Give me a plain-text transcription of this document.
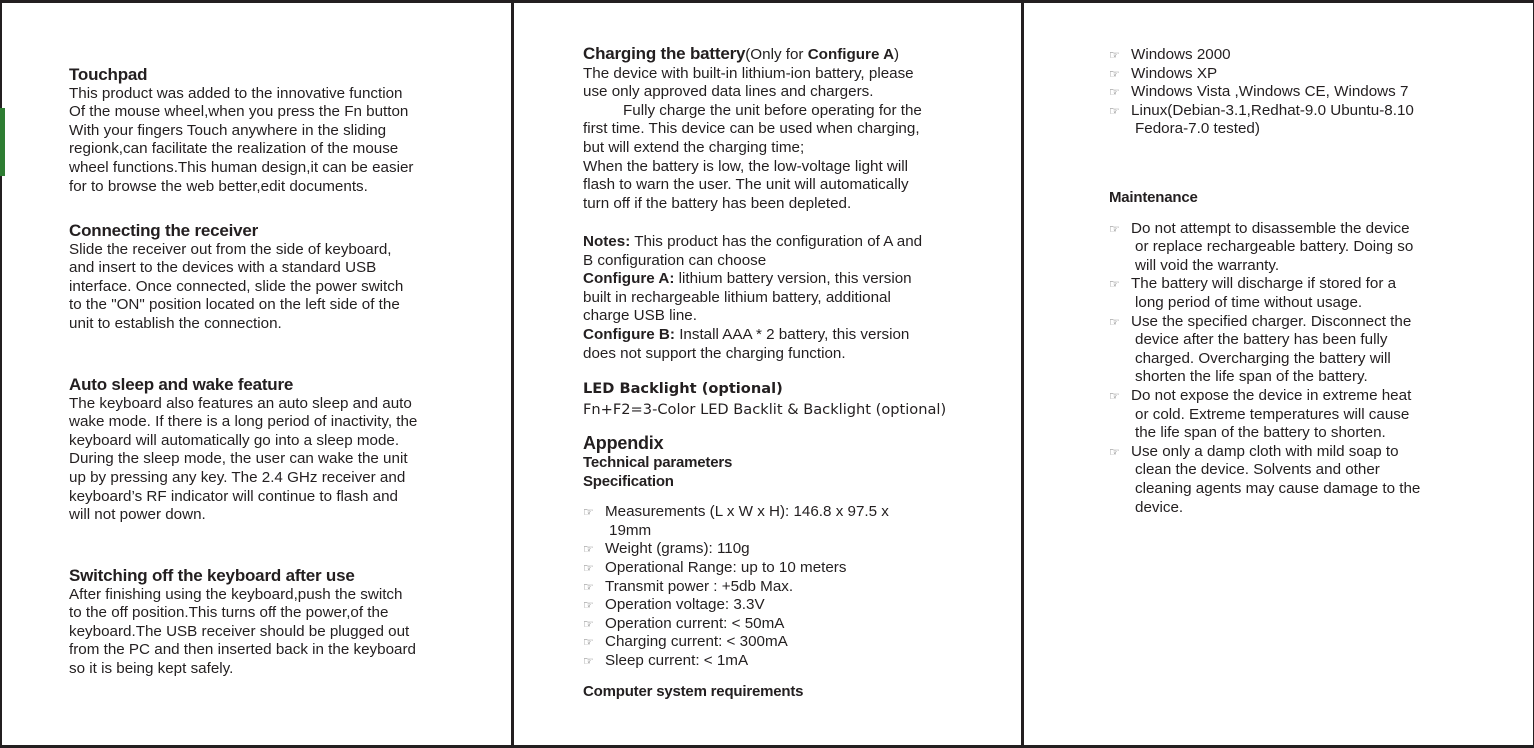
Touchpad
This product was added to the innovative function
Of the mouse wheel,when you press the Fn button
With your fingers Touch anywhere in the sliding
regionk,can facilitate the realization of the mouse
wheel functions.This human design,it can be easier
for to browse the web better,edit documents.
Connecting the receiver
Slide the receiver out from the side of keyboard,
and insert to the devices with a standard USB
interface. Once connected, slide the power switch
to the "ON" position located on the left side of the
unit to establish the connection.
Auto sleep and wake feature
The keyboard also features an auto sleep and auto
wake mode. If there is a long period of inactivity, the
keyboard will automatically go into a sleep mode.
During the sleep mode, the user can wake the unit
up by pressing any key. The 2.4 GHz receiver and
keyboard’s RF indicator will continue to flash and
will not power down.
Switching off the keyboard after use
After finishing using the keyboard,push the switch
to the off position.This turns off the power,of the
keyboard.The USB receiver should be plugged out
from the PC and then inserted back in the keyboard
so it is being kept safely.
Charging the battery(Only for Configure A)
The device with built-in lithium-ion battery, please
use only approved data lines and chargers.
Fully charge the unit before operating for the
first time. This device can be used when charging,
but will extend the charging time;
When the battery is low, the low-voltage light will
flash to warn the user. The unit will automatically
turn off if the battery has been depleted.
Notes: This product has the configuration of A and
B configuration can choose
Configure A: lithium battery version, this version
built in rechargeable lithium battery, additional
charge USB line.
Configure B: Install AAA * 2 battery, this version
does not support the charging function.
LED Backlight (optional)
Fn+F2=3-Color LED Backlit & Backlight (optional)
Appendix
Technical parameters
Specification
☞ Measurements (L x W x H): 146.8 x 97.5 x
19mm
☞ Weight (grams): 110g
☞ Operational Range: up to 10 meters
☞ Transmit power : +5db Max.
☞ Operation voltage: 3.3V
☞ Operation current: < 50mA
☞ Charging current: < 300mA
☞ Sleep current: < 1mA
Computer system requirements
☞ Windows 2000
☞ Windows XP
☞ Windows Vista ,Windows CE, Windows 7
☞ Linux(Debian-3.1,Redhat-9.0 Ubuntu-8.10
Fedora-7.0 tested)
Maintenance
☞ Do not attempt to disassemble the device
or replace rechargeable battery. Doing so
will void the warranty.
☞ The battery will discharge if stored for a
long period of time without usage.
☞ Use the specified charger. Disconnect the
device after the battery has been fully
charged. Overcharging the battery will
shorten the life span of the battery.
☞ Do not expose the device in extreme heat
or cold. Extreme temperatures will cause
the life span of the battery to shorten.
☞ Use only a damp cloth with mild soap to
clean the device. Solvents and other
cleaning agents may cause damage to the
device.
